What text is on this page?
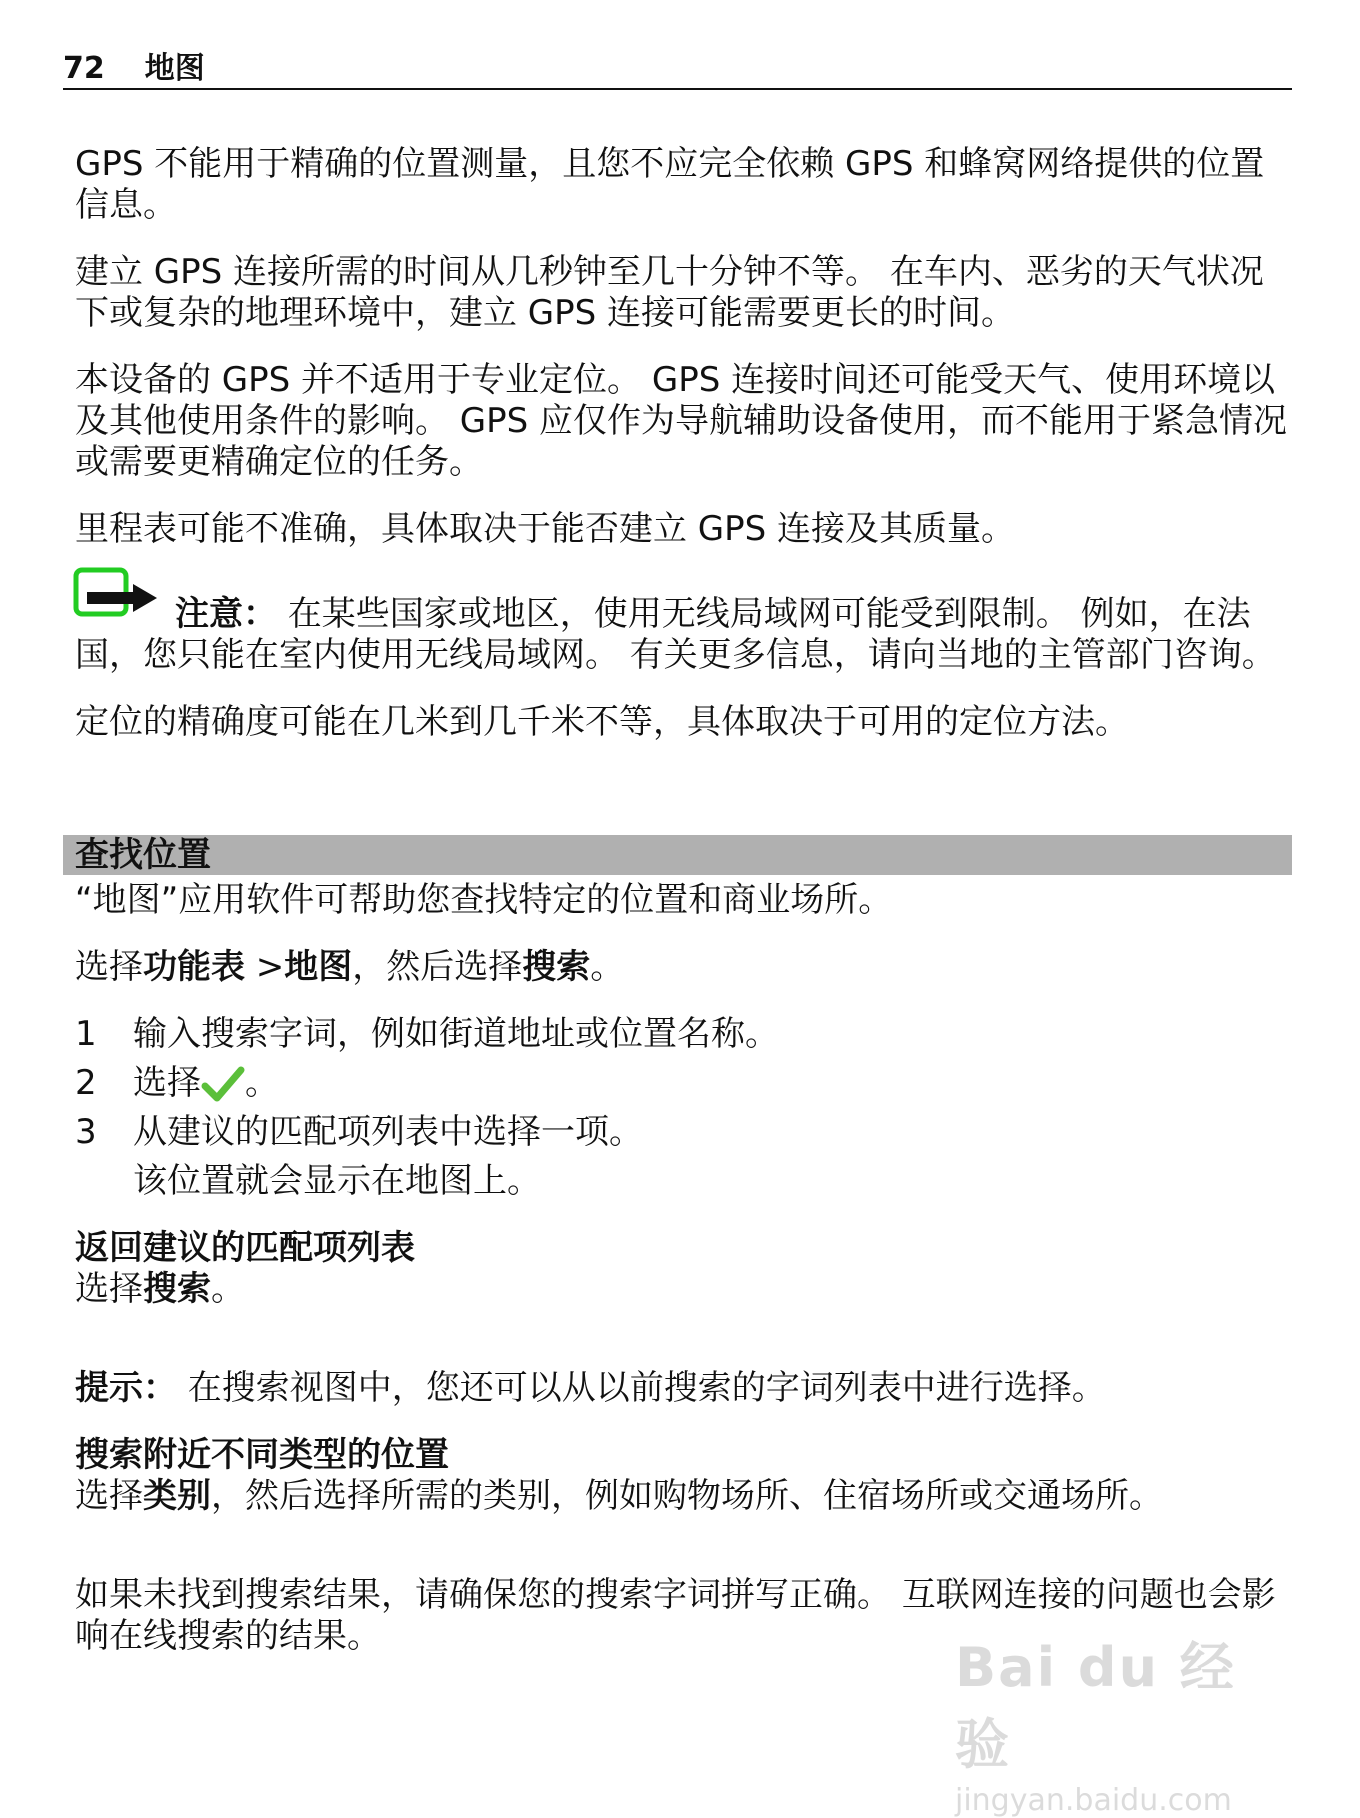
72 地图

GPS 不能用于精确的位置测量，且您不应完全依赖 GPS 和蜂窝网络提供的位置信息。

建立 GPS 连接所需的时间从几秒钟至几十分钟不等。 在车内、恶劣的天气状况下或复杂的地理环境中，建立 GPS 连接可能需要更长的时间。

本设备的 GPS 并不适用于专业定位。 GPS 连接时间还可能受天气、使用环境以及其他使用条件的影响。 GPS 应仅作为导航辅助设备使用，而不能用于紧急情况或需要更精确定位的任务。

里程表可能不准确，具体取决于能否建立 GPS 连接及其质量。

注意： 在某些国家或地区，使用无线局域网可能受到限制。 例如，在法国，您只能在室内使用无线局域网。 有关更多信息，请向当地的主管部门咨询。

定位的精确度可能在几米到几千米不等，具体取决于可用的定位方法。

查找位置

“地图”应用软件可帮助您查找特定的位置和商业场所。

选择功能表 >地图，然后选择搜索。

1	输入搜索字词，例如街道地址或位置名称。
2	选择 。
3	从建议的匹配项列表中选择一项。
该位置就会显示在地图上。

返回建议的匹配项列表

选择搜索。

提示： 在搜索视图中，您还可以从以前搜索的字词列表中进行选择。

搜索附近不同类型的位置

选择类别，然后选择所需的类别，例如购物场所、住宿场所或交通场所。

如果未找到搜索结果，请确保您的搜索字词拼写正确。 互联网连接的问题也会影响在线搜索的结果。	Bai du 经验
jingyan.baidu.com
